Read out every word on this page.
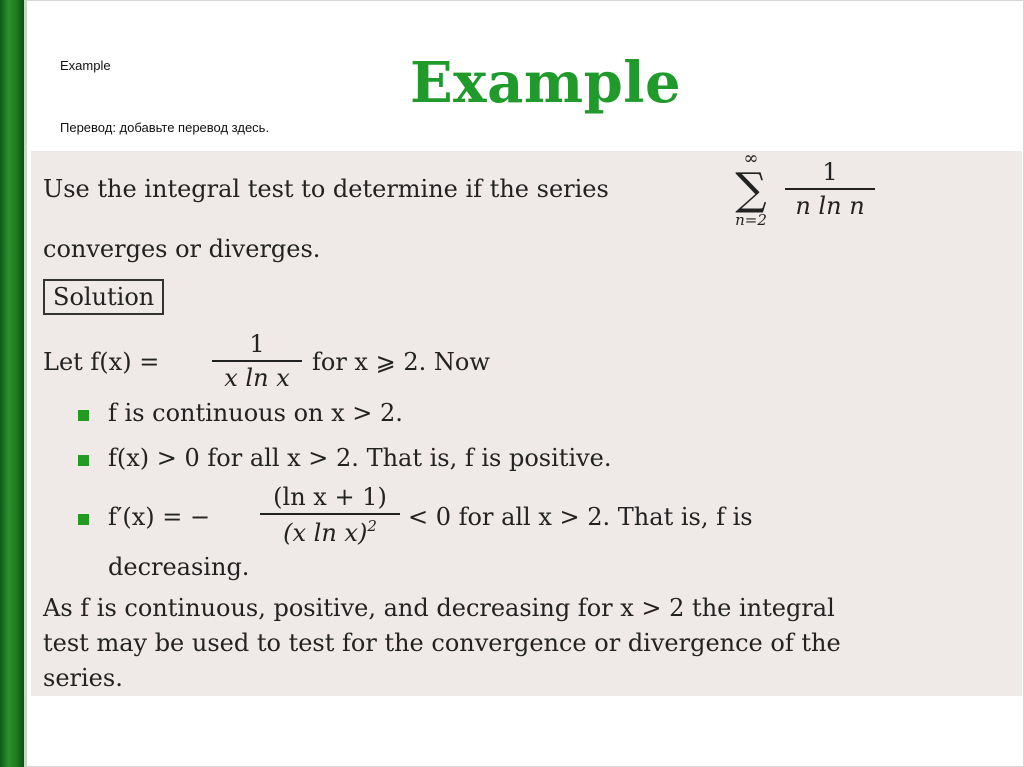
Example	Example
Перевод: добавьте перевод здесь.
Use the integral test to determine if the series
∞
∑
n=2
1
n ln n
converges or diverges.
Solution
Let f(x) =
1
x ln x
for x ⩾ 2. Now
f is continuous on x > 2.
f(x) > 0 for all x > 2. That is, f is positive.
f′(x) = −
(ln x + 1)
(x ln x)$^2$	< 0 for all x > 2. That is, f is
decreasing.
As f is continuous, positive, and decreasing for x > 2 the integral
test may be used to test for the convergence or divergence of the
series.
